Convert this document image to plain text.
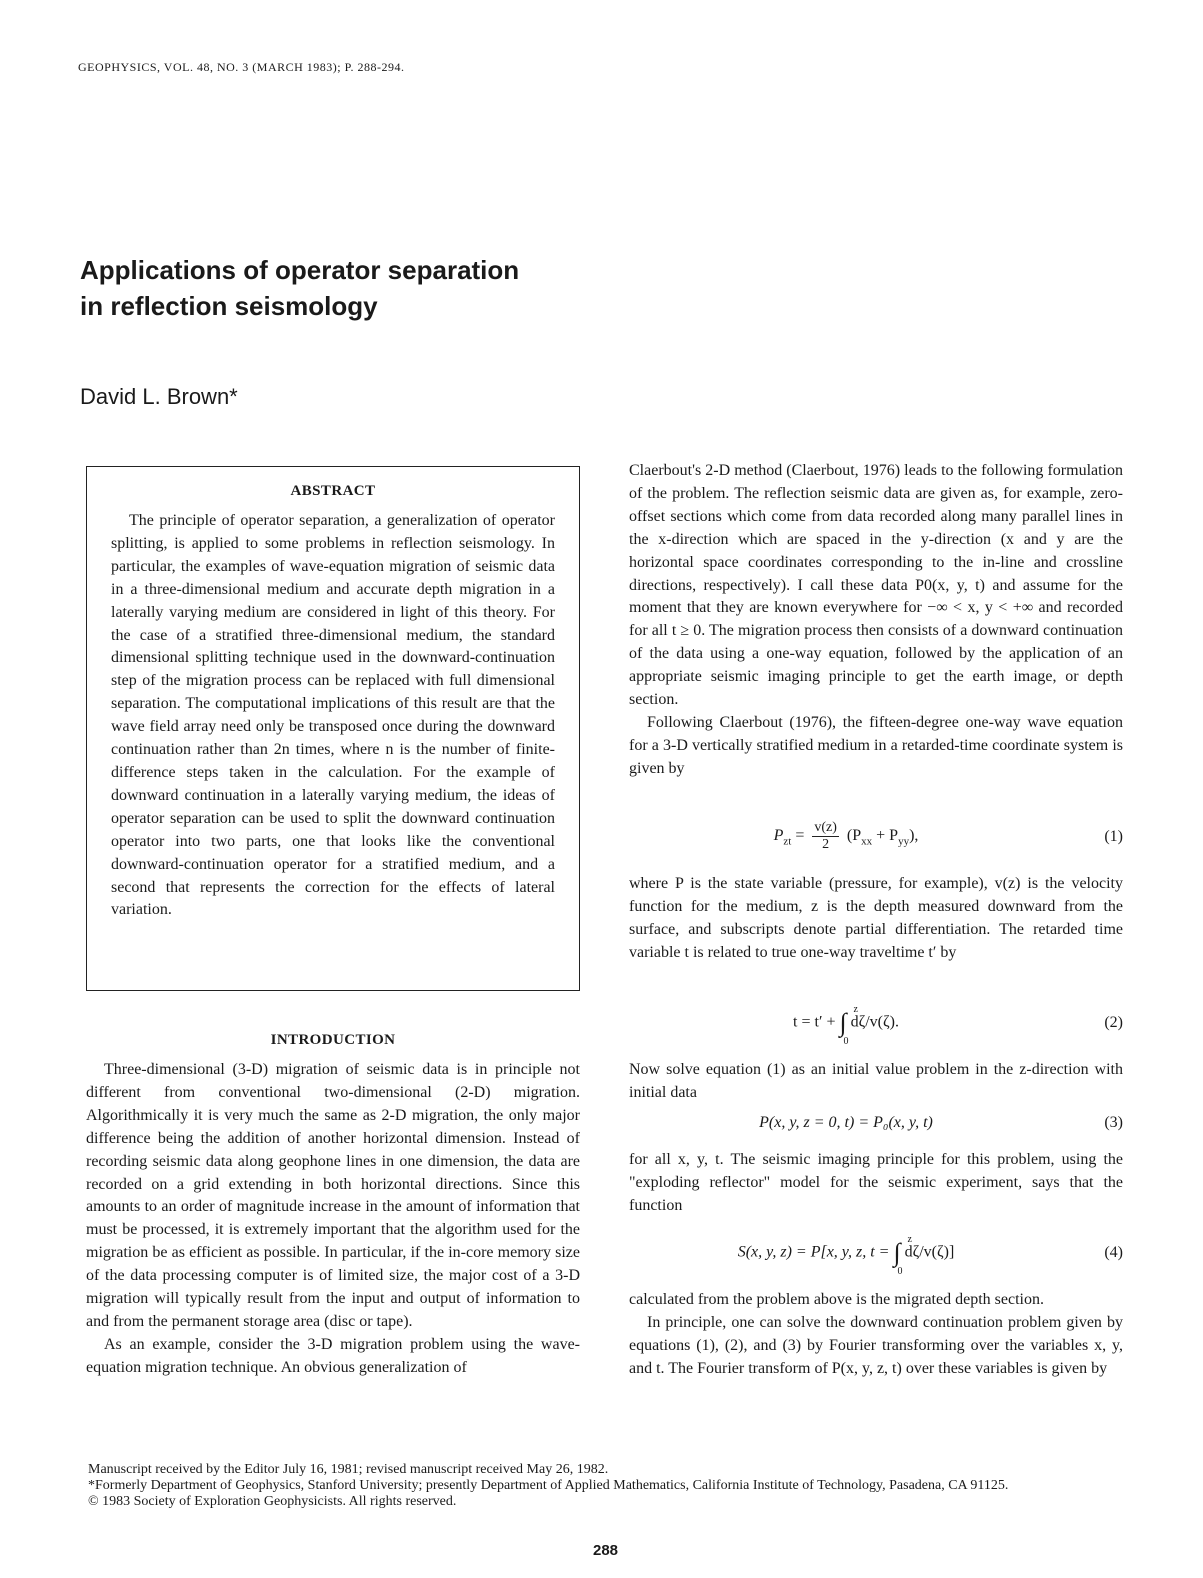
GEOPHYSICS, VOL. 48, NO. 3 (MARCH 1983); P. 288-294.
Applications of operator separation
in reflection seismology
David L. Brown*
ABSTRACT

The principle of operator separation, a generalization of operator splitting, is applied to some problems in reflection seismology. In particular, the examples of wave-equation migration of seismic data in a three-dimensional medium and accurate depth migration in a laterally varying medium are considered in light of this theory. For the case of a stratified three-dimensional medium, the standard dimensional splitting technique used in the downward-continuation step of the migration process can be replaced with full dimensional separation. The computational implications of this result are that the wave field array need only be transposed once during the downward continuation rather than 2n times, where n is the number of finite-difference steps taken in the calculation. For the example of downward continuation in a laterally varying medium, the ideas of operator separation can be used to split the downward continuation operator into two parts, one that looks like the conventional downward-continuation operator for a stratified medium, and a second that represents the correction for the effects of lateral variation.

INTRODUCTION

Three-dimensional (3-D) migration of seismic data is in principle not different from conventional two-dimensional (2-D) migration. Algorithmically it is very much the same as 2-D migration, the only major difference being the addition of another horizontal dimension. Instead of recording seismic data along geophone lines in one dimension, the data are recorded on a grid extending in both horizontal directions. Since this amounts to an order of magnitude increase in the amount of information that must be processed, it is extremely important that the algorithm used for the migration be as efficient as possible. In particular, if the in-core memory size of the data processing computer is of limited size, the major cost of a 3-D migration will typically result from the input and output of information to and from the permanent storage area (disc or tape).

As an example, consider the 3-D migration problem using the wave-equation migration technique. An obvious generalization of

Claerbout's 2-D method (Claerbout, 1976) leads to the following formulation of the problem. The reflection seismic data are given as, for example, zero-offset sections which come from data recorded along many parallel lines in the x-direction which are spaced in the y-direction (x and y are the horizontal space coordinates corresponding to the in-line and crossline directions, respectively). I call these data P0(x, y, t) and assume for the moment that they are known everywhere for −∞ < x, y < +∞ and recorded for all t ≥ 0. The migration process then consists of a downward continuation of the data using a one-way equation, followed by the application of an appropriate seismic imaging principle to get the earth image, or depth section.

Following Claerbout (1976), the fifteen-degree one-way wave equation for a 3-D vertically stratified medium in a retarded-time coordinate system is given by

$P_{zt} = \frac{v(z)}{2} (P_{xx} + P_{yy})$,	(1)

where P is the state variable (pressure, for example), v(z) is the velocity function for the medium, z is the depth measured downward from the surface, and subscripts denote partial differentiation. The retarded time variable t is related to true one-way traveltime t′ by

t = t′ + ∫ z
0
dζ/v(ζ).	(2)

Now solve equation (1) as an initial value problem in the z-direction with initial data

P(x, y, z = 0, t) = P₀(x, y, t)	(3)

for all x, y, t. The seismic imaging principle for this problem, using the "exploding reflector" model for the seismic experiment, says that the function

S(x, y, z) = P[x, y, z, t = ∫ z
0
dζ/v(ζ)]	(4)

calculated from the problem above is the migrated depth section.

In principle, one can solve the downward continuation problem given by equations (1), (2), and (3) by Fourier transforming over the variables x, y, and t. The Fourier transform of P(x, y, z, t) over these variables is given by

Manuscript received by the Editor July 16, 1981; revised manuscript received May 26, 1982.
*Formerly Department of Geophysics, Stanford University; presently Department of Applied Mathematics, California Institute of Technology, Pasadena, CA 91125.
© 1983 Society of Exploration Geophysicists. All rights reserved.
288
